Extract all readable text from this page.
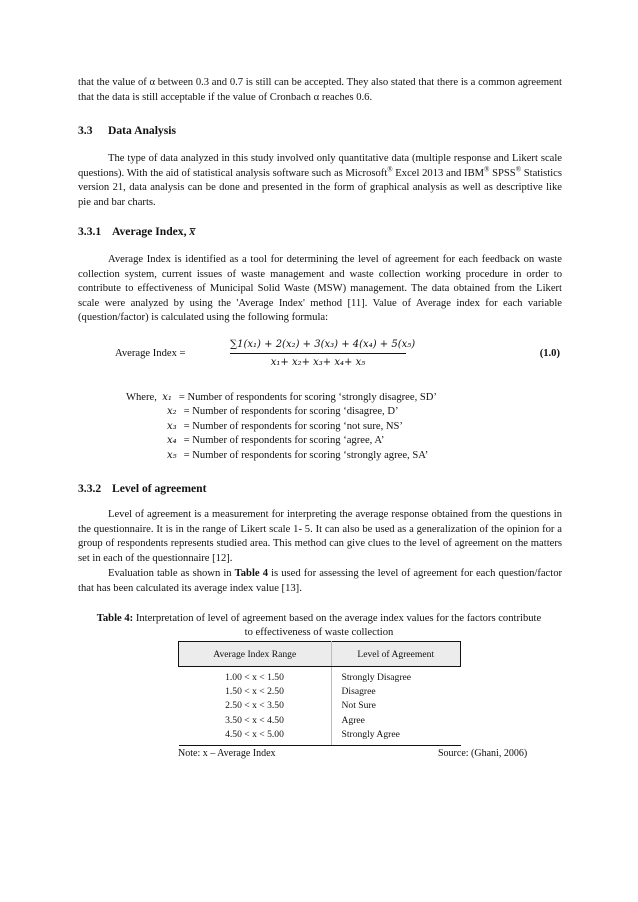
that the value of α between 0.3 and 0.7 is still can be accepted. They also stated that there is a common agreement that the data is still acceptable if the value of Cronbach α reaches 0.6.

3.3 Data Analysis

The type of data analyzed in this study involved only quantitative data (multiple response and Likert scale questions). With the aid of statistical analysis software such as Microsoft® Excel 2013 and IBM® SPSS® Statistics version 21, data analysis can be done and presented in the form of graphical analysis as well as descriptive like pie and bar charts.

3.3.1 Average Index, x̅

Average Index is identified as a tool for determining the level of agreement for each feedback on waste collection system, current issues of waste management and waste collection working procedure in order to contribute to effectiveness of Municipal Solid Waste (MSW) management. The data obtained from the Likert scale were analyzed by using the 'Average Index' method [11]. Value of Average index for each variable (question/factor) is calculated using the following formula:

Average Index =	$\frac{\text{∑1(x₁) + 2(x₂) + 3(x₃) + 4(x₄) + 5(x₅)}}{\text{x₁+ x₂+ x₃+ x₄+ x₅}}$	(1.0)
Where, x₁ = Number of respondents for scoring ‘strongly disagree, SD’
x₂ = Number of respondents for scoring ‘disagree, D’
x₃ = Number of respondents for scoring ‘not sure, NS’
x₄ = Number of respondents for scoring ‘agree, A’
x₅ = Number of respondents for scoring ‘strongly agree, SA’
3.3.2 Level of agreement

Level of agreement is a measurement for interpreting the average response obtained from the questions in the questionnaire. It is in the range of Likert scale 1- 5. It can also be used as a generalization of the opinion for a group of respondents represents studied area. This method can give clues to the level of agreement on the matters set in each of the questionnaire [12].

Evaluation table as shown in Table 4 is used for assessing the level of agreement for each question/factor that has been calculated its average index value [13].

Table 4: Interpretation of level of agreement based on the average index values for the factors contribute to effectiveness of waste collection
Average Index Range	Level of Agreement
1.00 < x < 1.50	Strongly Disagree
1.50 < x < 2.50	Disagree
2.50 < x < 3.50	Not Sure
3.50 < x < 4.50	Agree
4.50 < x < 5.00	Strongly Agree
Note: x – Average Index	Source: (Ghani, 2006)
